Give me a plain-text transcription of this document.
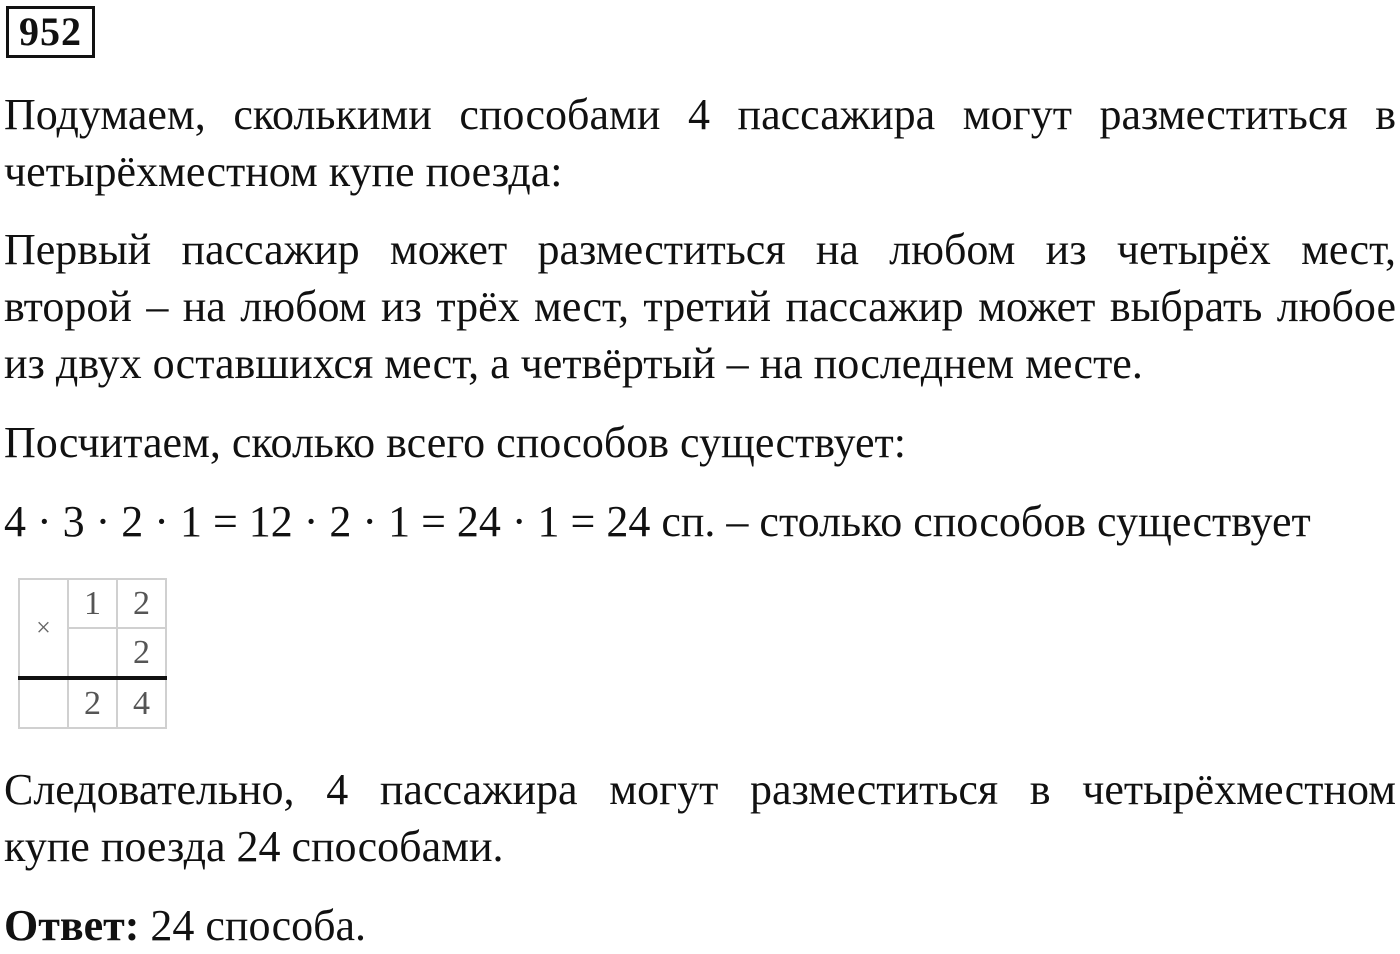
952

Подумаем, сколькими способами 4 пассажира могут разместиться в
четырёхместном купе поезда:

Первый пассажир может разместиться на любом из четырёх мест,
второй – на любом из трёх мест, третий пассажир может выбрать любое
из двух оставшихся мест, а четвёртый – на последнем месте.

Посчитаем, сколько всего способов существует:

4 · 3 · 2 · 1 = 12 · 2 · 1 = 24 · 1 = 24 сп. – столько способов существует

×	1	2
		2
	2	4

Следовательно, 4 пассажира могут разместиться в четырёхместном
купе поезда 24 способами.

Ответ: 24 способа.
